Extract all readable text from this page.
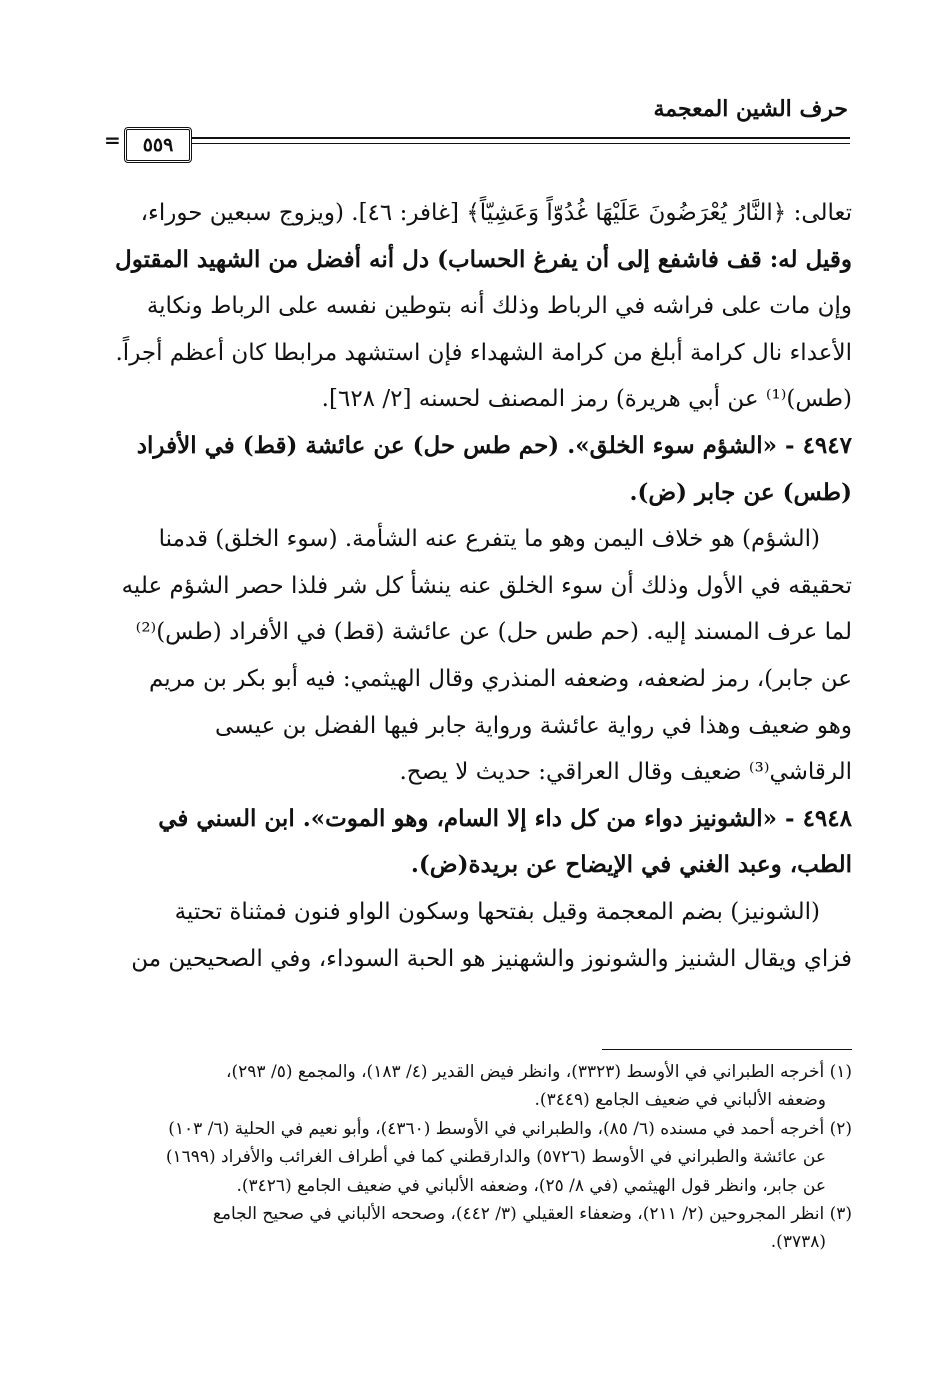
حرف الشين المعجمة
٥٥٩
=
تعالى: ﴿النَّارُ يُعْرَضُونَ عَلَيْهَا غُدُوّاً وَعَشِيّاً﴾ [غافر: ٤٦]. (ويزوج سبعين حوراء،
وقيل له: قف فاشفع إلى أن يفرغ الحساب) دل أنه أفضل من الشهيد المقتول
وإن مات على فراشه في الرباط وذلك أنه بتوطين نفسه على الرباط ونكاية
الأعداء نال كرامة أبلغ من كرامة الشهداء فإن استشهد مرابطا كان أعظم أجراً.
(طس)⁽¹⁾ عن أبي هريرة) رمز المصنف لحسنه [٢/ ٦٢٨].
٤٩٤٧ - «الشؤم سوء الخلق». (حم طس حل) عن عائشة (قط) في الأفراد
(طس) عن جابر (ض).
(الشؤم) هو خلاف اليمن وهو ما يتفرع عنه الشأمة. (سوء الخلق) قدمنا
تحقيقه في الأول وذلك أن سوء الخلق عنه ينشأ كل شر فلذا حصر الشؤم عليه
لما عرف المسند إليه. (حم طس حل) عن عائشة (قط) في الأفراد (طس)⁽²⁾
عن جابر)، رمز لضعفه، وضعفه المنذري وقال الهيثمي: فيه أبو بكر بن مريم
وهو ضعيف وهذا في رواية عائشة ورواية جابر فيها الفضل بن عيسى
الرقاشي⁽³⁾ ضعيف وقال العراقي: حديث لا يصح.
٤٩٤٨ - «الشونيز دواء من كل داء إلا السام، وهو الموت». ابن السني في
الطب، وعبد الغني في الإيضاح عن بريدة(ض).
(الشونيز) بضم المعجمة وقيل بفتحها وسكون الواو فنون فمثناة تحتية
فزاي ويقال الشنيز والشونوز والشهنيز هو الحبة السوداء، وفي الصحيحين من
(١) أخرجه الطبراني في الأوسط (٣٣٢٣)، وانظر فيض القدير (٤/ ١٨٣)، والمجمع (٥/ ٢٩٣)،
وضعفه الألباني في ضعيف الجامع (٣٤٤٩).
(٢) أخرجه أحمد في مسنده (٦/ ٨٥)، والطبراني في الأوسط (٤٣٦٠)، وأبو نعيم في الحلية (٦/ ١٠٣)
عن عائشة والطبراني في الأوسط (٥٧٢٦) والدارقطني كما في أطراف الغرائب والأفراد (١٦٩٩)
عن جابر، وانظر قول الهيثمي (في ٨/ ٢٥)، وضعفه الألباني في ضعيف الجامع (٣٤٢٦).
(٣) انظر المجروحين (٢/ ٢١١)، وضعفاء العقيلي (٣/ ٤٤٢)، وصححه الألباني في صحيح الجامع
(٣٧٣٨).
